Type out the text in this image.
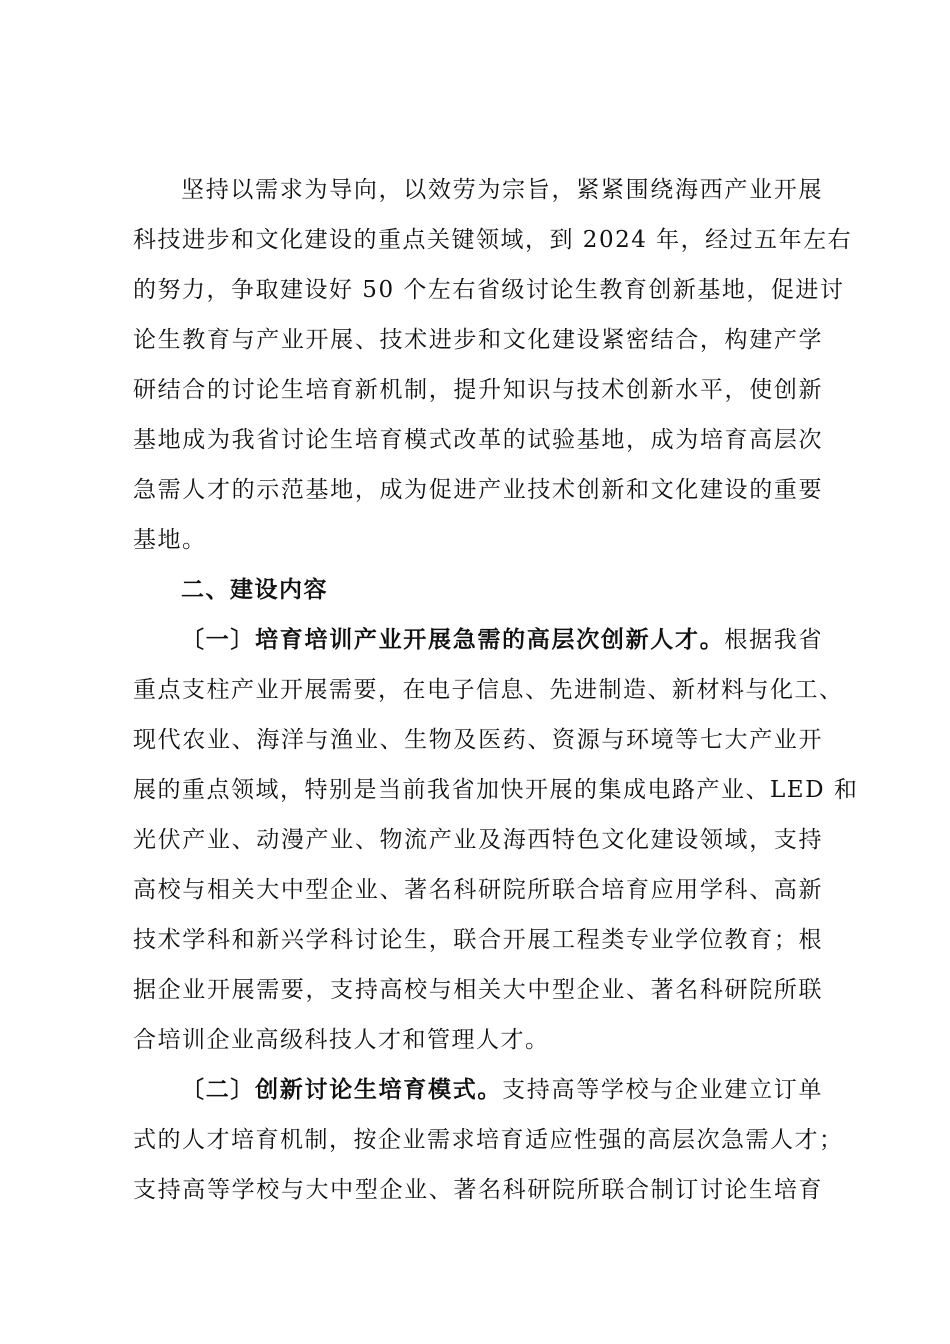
坚持以需求为导向，以效劳为宗旨，紧紧围绕海西产业开展
科技进步和文化建设的重点关键领域，到 2024 年，经过五年左右
的努力，争取建设好 50 个左右省级讨论生教育创新基地，促进讨
论生教育与产业开展、技术进步和文化建设紧密结合，构建产学
研结合的讨论生培育新机制，提升知识与技术创新水平，使创新
基地成为我省讨论生培育模式改革的试验基地，成为培育高层次
急需人才的示范基地，成为促进产业技术创新和文化建设的重要
基地。
二、建设内容
〔一〕培育培训产业开展急需的高层次创新人才。根据我省
重点支柱产业开展需要，在电子信息、先进制造、新材料与化工、
现代农业、海洋与渔业、生物及医药、资源与环境等七大产业开
展的重点领域，特别是当前我省加快开展的集成电路产业、LED 和
光伏产业、动漫产业、物流产业及海西特色文化建设领域，支持
高校与相关大中型企业、著名科研院所联合培育应用学科、高新
技术学科和新兴学科讨论生，联合开展工程类专业学位教育；根
据企业开展需要，支持高校与相关大中型企业、著名科研院所联
合培训企业高级科技人才和管理人才。
〔二〕创新讨论生培育模式。支持高等学校与企业建立订单
式的人才培育机制，按企业需求培育适应性强的高层次急需人才；
支持高等学校与大中型企业、著名科研院所联合制订讨论生培育
